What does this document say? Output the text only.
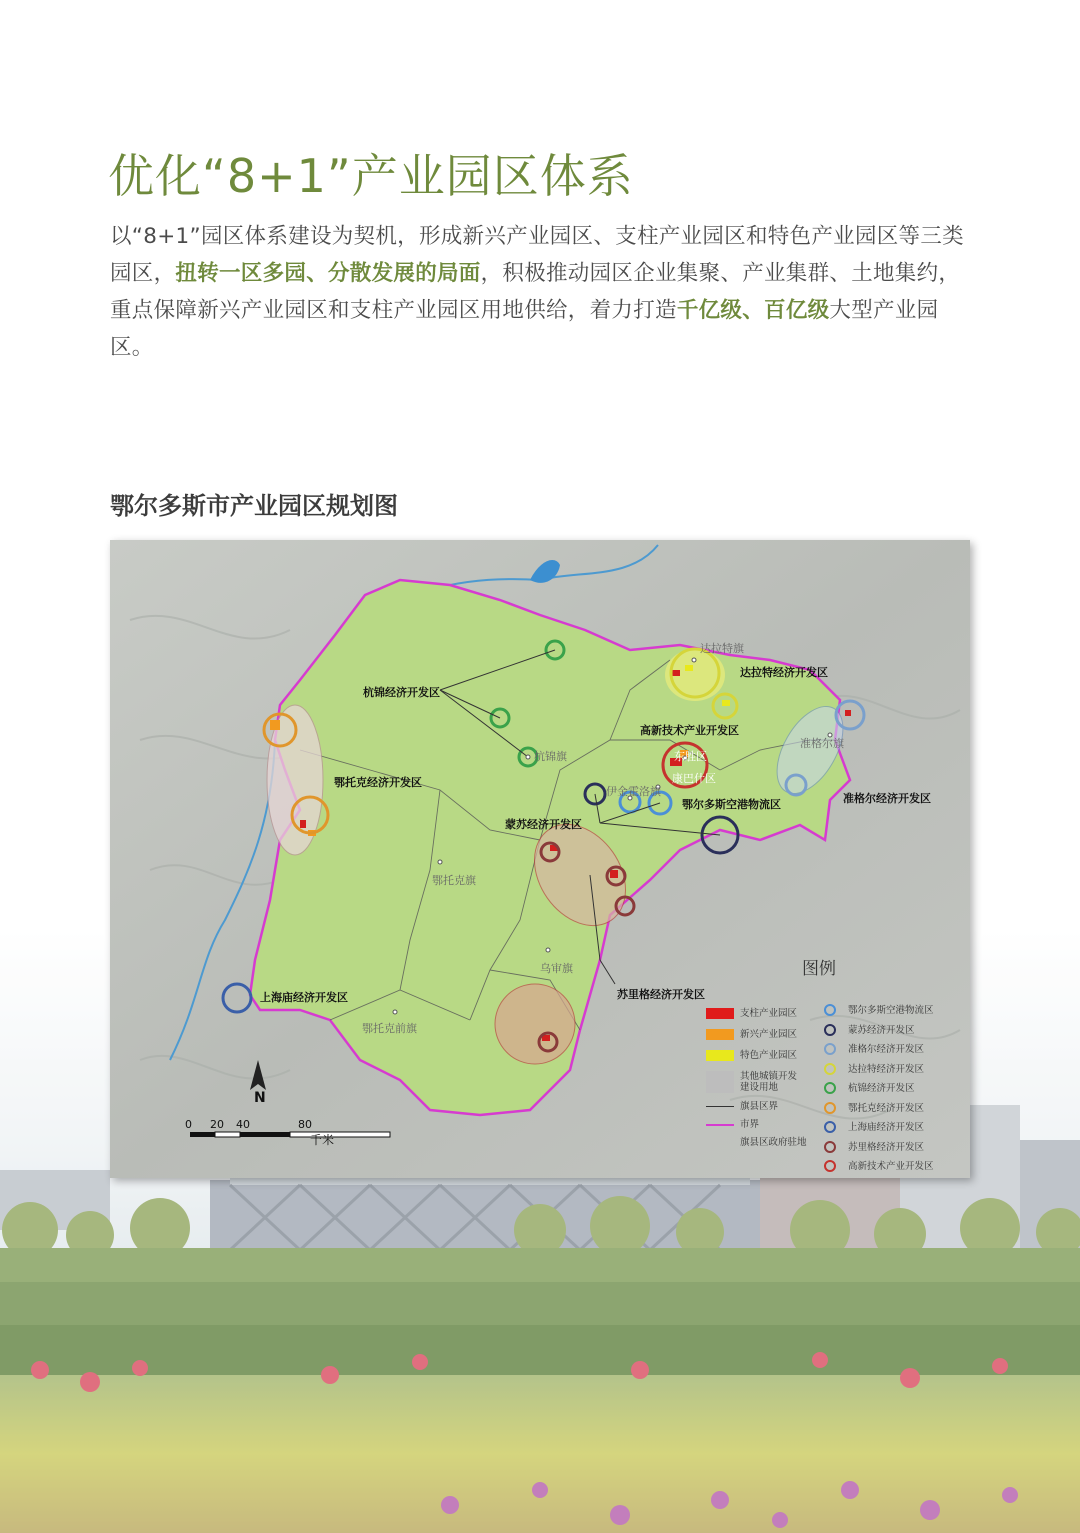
优化“8+1”产业园区体系

以“8+1”园区体系建设为契机，形成新兴产业园区、支柱产业园区和特色产业园区等三类园区，扭转一区多园、分散发展的局面，积极推动园区企业集聚、产业集群、土地集约，重点保障新兴产业园区和支柱产业园区用地供给，着力打造千亿级、百亿级大型产业园区。

鄂尔多斯市产业园区规划图
杭锦经济开发区
达拉特经济开发区
高新技术产业开发区
准格尔经济开发区
鄂托克经济开发区
蒙苏经济开发区
鄂尔多斯空港物流区
苏里格经济开发区
上海庙经济开发区
杭锦旗
达拉特旗
东胜区
康巴什区
伊金霍洛旗
准格尔旗
鄂托克旗
乌审旗
鄂托克前旗
N
0 20 40	80
千米
图例
支柱产业园区
新兴产业园区
特色产业园区
其他城镇开发建设用地
旗县区界
市界
旗县区政府驻地
鄂尔多斯空港物流区
蒙苏经济开发区
准格尔经济开发区
达拉特经济开发区
杭锦经济开发区
鄂托克经济开发区
上海庙经济开发区
苏里格经济开发区
高新技术产业开发区
